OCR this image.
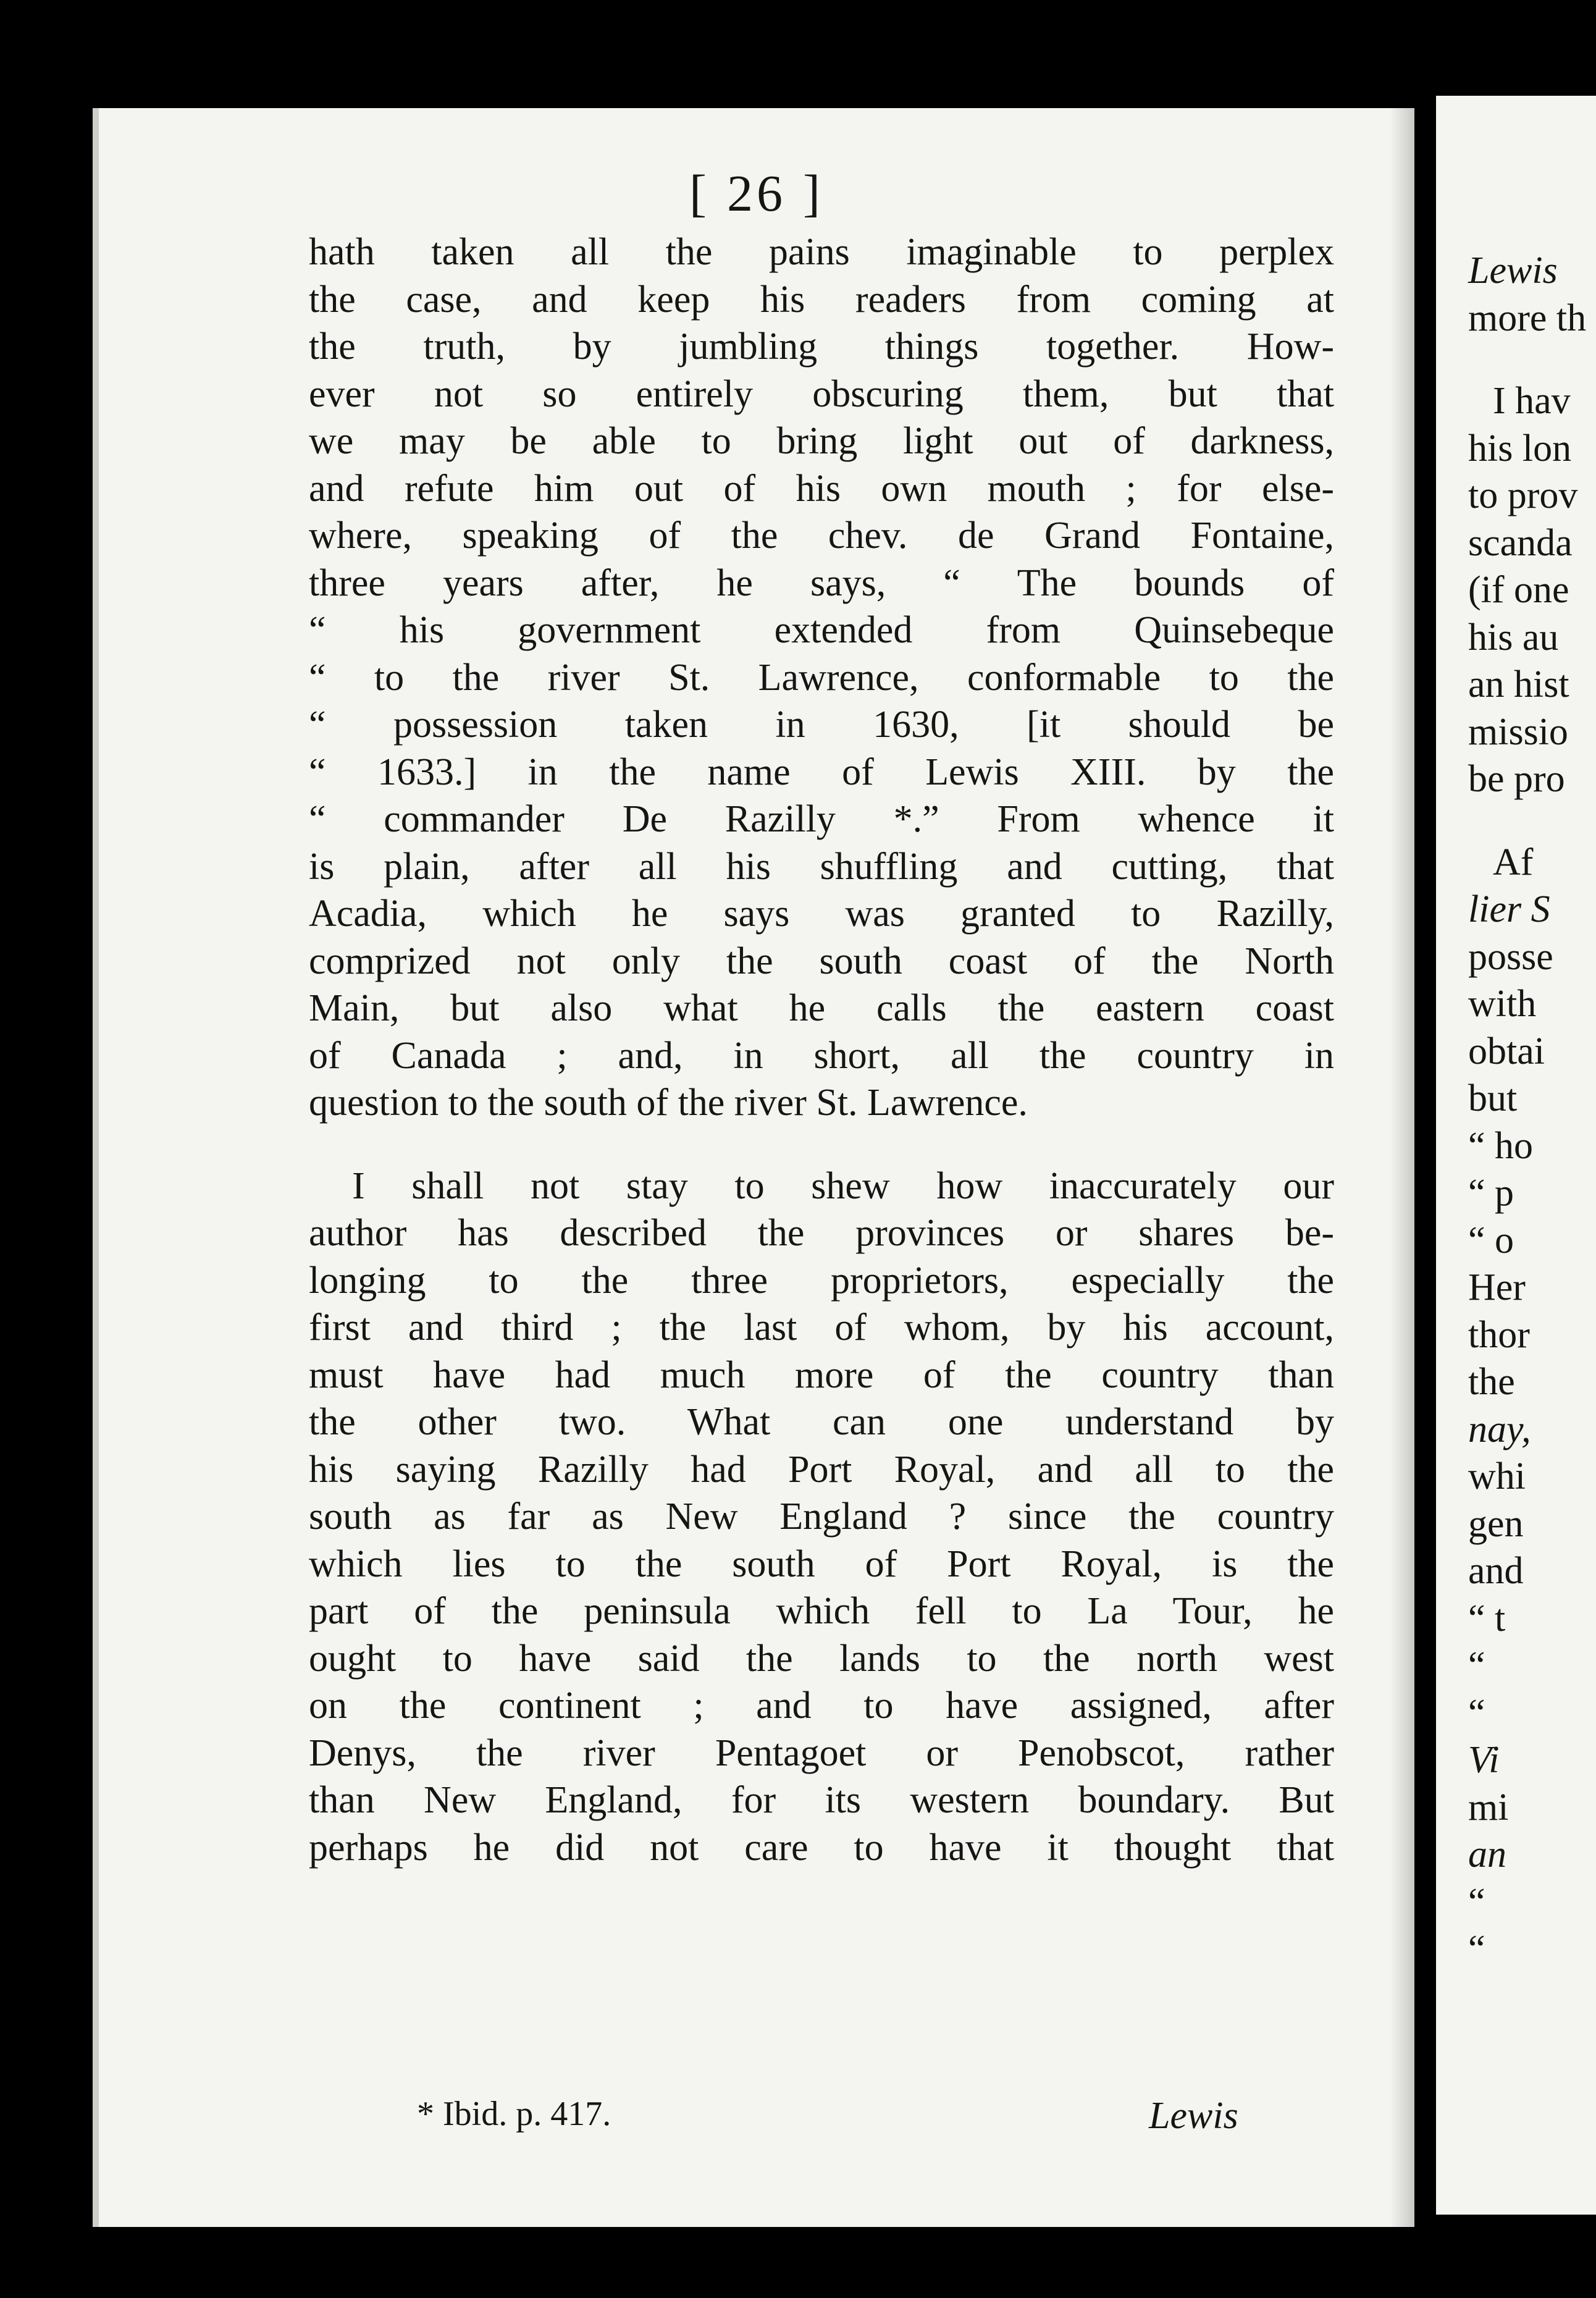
[ 26 ]
hath taken all the pains imaginable to perplex
the case, and keep his readers from coming at
the truth, by jumbling things together. How-
ever not so entirely obscuring them, but that
we may be able to bring light out of darkness,
and refute him out of his own mouth ; for else-
where, speaking of the chev. de Grand Fontaine,
three years after, he says, “ The bounds of
“ his government extended from Quinsebeque
“ to the river St. Lawrence, conformable to the
“ possession taken in 1630, [it should be
“ 1633.] in the name of Lewis XIII. by the
“ commander De Razilly *.” From whence it
is plain, after all his shuffling and cutting, that
Acadia, which he says was granted to Razilly,
comprized not only the south coast of the North
Main, but also what he calls the eastern coast
of Canada ; and, in short, all the country in
question to the south of the river St. Lawrence.
I shall not stay to shew how inaccurately our
author has described the provinces or shares be-
longing to the three proprietors, especially the
first and third ; the last of whom, by his account,
must have had much more of the country than
the other two. What can one understand by
his saying Razilly had Port Royal, and all to the
south as far as New England ? since the country
which lies to the south of Port Royal, is the
part of the peninsula which fell to La Tour, he
ought to have said the lands to the north west
on the continent ; and to have assigned, after
Denys, the river Pentagoet or Penobscot, rather
than New England, for its western boundary. But
perhaps he did not care to have it thought that
* Ibid. p. 417.	Lewis
Lewis
more th
I hav
his lon
to prov
scanda
(if one
his au
an hist
missio
be pro
Af
lier S
posse
with
obtai
but
“ ho
“ p
“ o
Her
thor
the
nay,
whi
gen
and
“ t
“
“
Vi
mi
an
“
“
